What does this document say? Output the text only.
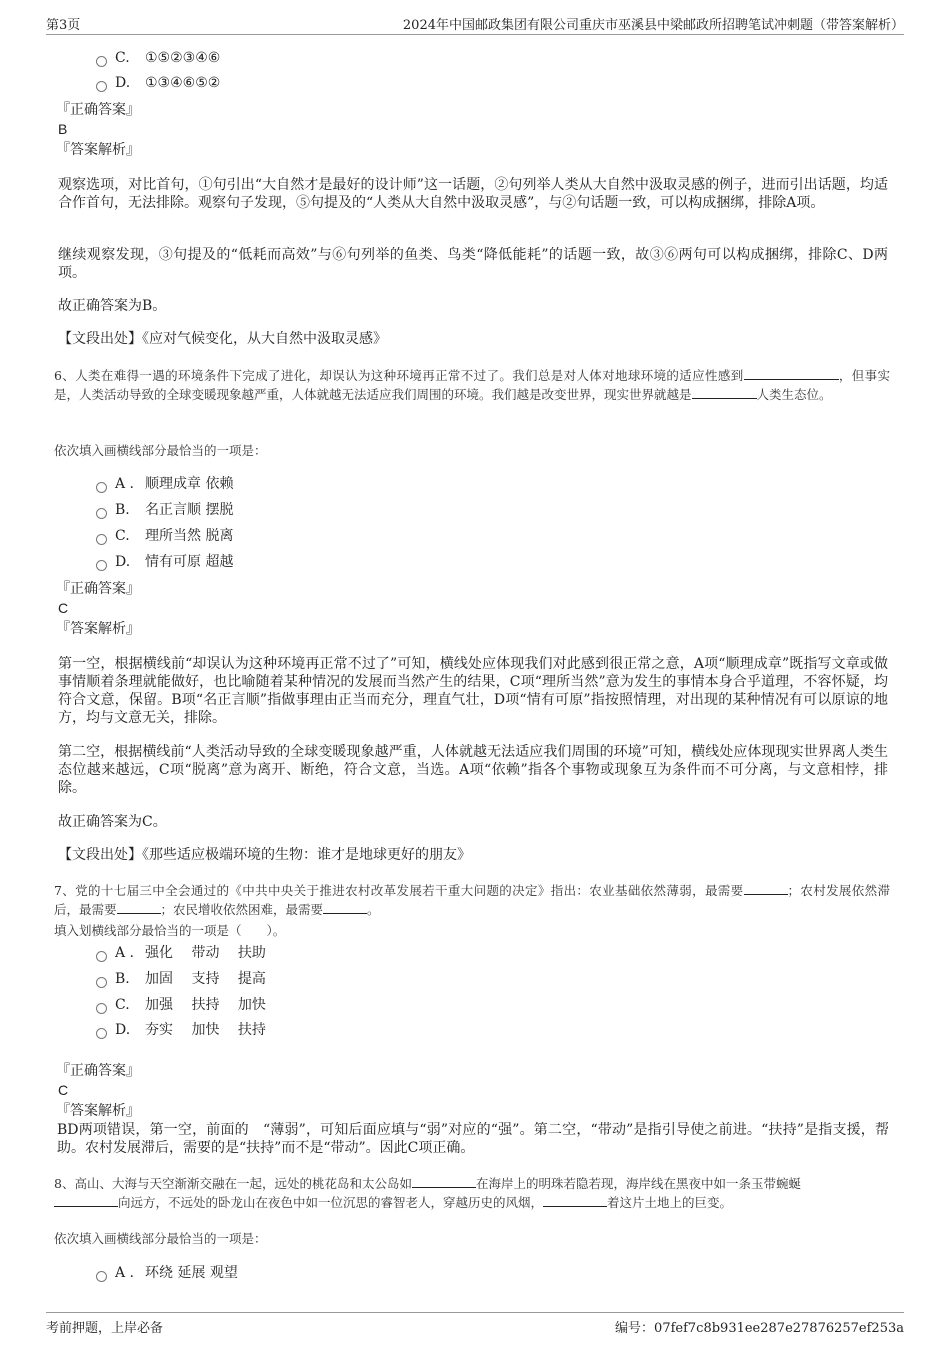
第3页	2024年中国邮政集团有限公司重庆市巫溪县中梁邮政所招聘笔试冲刺题（带答案解析）
C. ①⑤②③④⑥
D. ①③④⑥⑤②
『正确答案』
B
『答案解析』
观察选项，对比首句，①句引出“大自然才是最好的设计师”这一话题，②句列举人类从大自然中汲取灵感的例子，进而引出话题，均适合作首句，无法排除。观察句子发现，⑤句提及的“人类从大自然中汲取灵感”，与②句话题一致，可以构成捆绑，排除A项。
继续观察发现，③句提及的“低耗而高效”与⑥句列举的鱼类、鸟类“降低能耗”的话题一致，故③⑥两句可以构成捆绑，排除C、D两项。
故正确答案为B。
【文段出处】《应对气候变化，从大自然中汲取灵感》
6、人类在难得一遇的环境条件下完成了进化，却误认为这种环境再正常不过了。我们总是对人体对地球环境的适应性感到	，但事实是，人类活动导致的全球变暖现象越严重，人体就越无法适应我们周围的环境。我们越是改变世界，现实世界就越是	人类生态位。
依次填入画横线部分最恰当的一项是：
A . 顺理成章 依赖
B. 名正言顺 摆脱
C. 理所当然 脱离
D. 情有可原 超越
『正确答案』
C
『答案解析』
第一空，根据横线前“却误认为这种环境再正常不过了”可知，横线处应体现我们对此感到很正常之意，A项“顺理成章”既指写文章或做事情顺着条理就能做好，也比喻随着某种情况的发展而当然产生的结果，C项“理所当然”意为发生的事情本身合乎道理，不容怀疑，均符合文意，保留。B项“名正言顺”指做事理由正当而充分，理直气壮，D项“情有可原”指按照情理，对出现的某种情况有可以原谅的地方，均与文意无关，排除。
第二空，根据横线前“人类活动导致的全球变暖现象越严重，人体就越无法适应我们周围的环境”可知，横线处应体现现实世界离人类生态位越来越远，C项“脱离”意为离开、断绝，符合文意，当选。A项“依赖”指各个事物或现象互为条件而不可分离，与文意相悖，排除。
故正确答案为C。
【文段出处】《那些适应极端环境的生物：谁才是地球更好的朋友》
7、党的十七届三中全会通过的《中共中央关于推进农村改革发展若干重大问题的决定》指出：农业基础依然薄弱，最需要	；农村发展依然滞后，最需要	；农民增收依然困难，最需要	。
填入划横线部分最恰当的一项是（　　）。
A . 强化　 带动　 扶助
B. 加固　 支持　 提高
C. 加强　 扶持　 加快
D. 夯实　 加快　 扶持
『正确答案』
C
『答案解析』
BD两项错误，第一空，前面的　“薄弱”，可知后面应填与“弱”对应的“强”。第二空，“带动”是指引导使之前进。“扶持”是指支援，帮助。农村发展滞后，需要的是“扶持”而不是“带动”。因此C项正确。
8、高山、大海与天空渐渐交融在一起，远处的桃花岛和太公岛如	在海岸上的明珠若隐若现，海岸线在黑夜中如一条玉带蜿蜒
向远方，不远处的卧龙山在夜色中如一位沉思的睿智老人，穿越历史的风烟，	着这片土地上的巨变。
依次填入画横线部分最恰当的一项是：
A . 环绕 延展 观望
考前押题，上岸必备	编号：07fef7c8b931ee287e27876257ef253a
